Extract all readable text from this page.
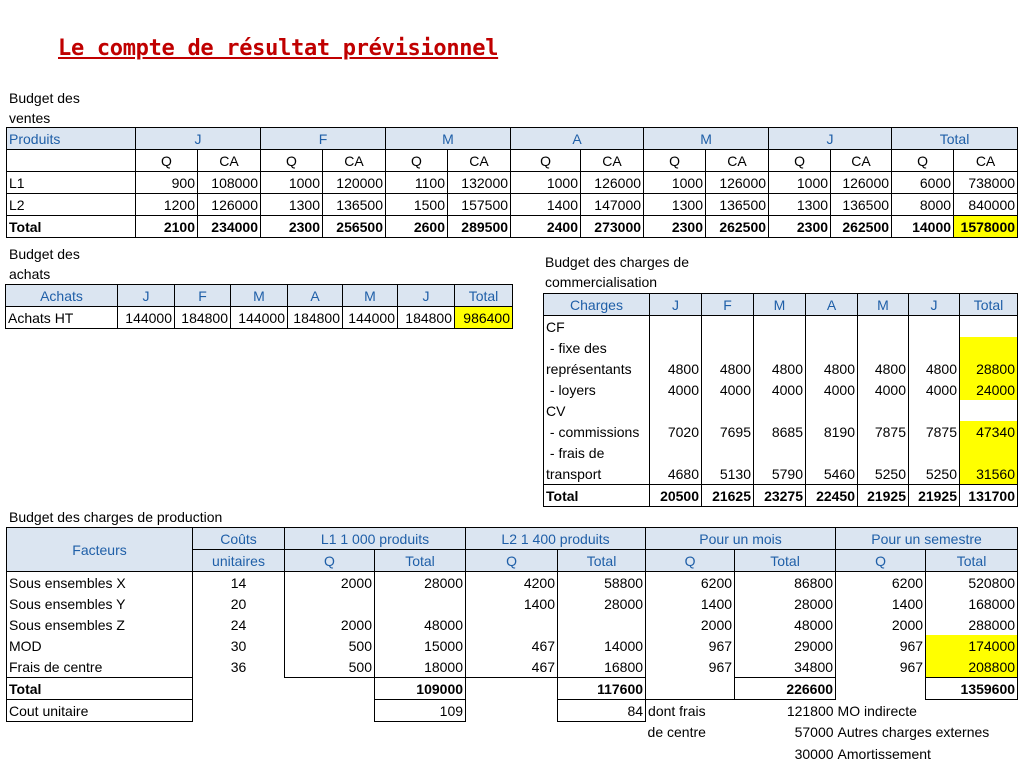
Le compte de résultat prévisionnel
Budget des
ventes
Produits	J		F		M		A		M		J		Total	
	Q	CA	Q	CA	Q	CA	Q	CA	Q	CA	Q	CA	Q	CA
L1	900	108000	1000	120000	1100	132000	1000	126000	1000	126000	1000	126000	6000	738000
L2	1200	126000	1300	136500	1500	157500	1400	147000	1300	136500	1300	136500	8000	840000
Total	2100	234000	2300	256500	2600	289500	2400	273000	2300	262500	2300	262500	14000	1578000
Budget des
achats
Achats	J	F	M	A	M	J	Total
Achats HT	144000	184800	144000	184800	144000	184800	986400
Budget des charges de
commercialisation
Charges	J	F	M	A	M	J	Total
CF							
- fixe des							
représentants	4800	4800	4800	4800	4800	4800	28800
- loyers	4000	4000	4000	4000	4000	4000	24000
CV							
- commissions	7020	7695	8685	8190	7875	7875	47340
- frais de							
transport	4680	5130	5790	5460	5250	5250	31560
Total	20500	21625	23275	22450	21925	21925	131700
Budget des charges de production
Facteurs	Coûts	L1 1 000 produits		L2 1 400 produits		Pour un mois		Pour un semestre	
	unitaires	Q	Total	Q	Total	Q	Total	Q	Total
Sous ensembles X	14	2000	28000	4200	58800	6200	86800	6200	520800
Sous ensembles Y	20			1400	28000	1400	28000	1400	168000
Sous ensembles Z	24	2000	48000			2000	48000	2000	288000
MOD	30	500	15000	467	14000	967	29000	967	174000
Frais de centre	36	500	18000	467	16800	967	34800	967	208800
Total			109000		117600		226600		1359600
Cout unitaire			109		84	dont frais	121800	MO indirecte	
						de centre	57000	Autres charges externes	
							30000	Amortissement	
